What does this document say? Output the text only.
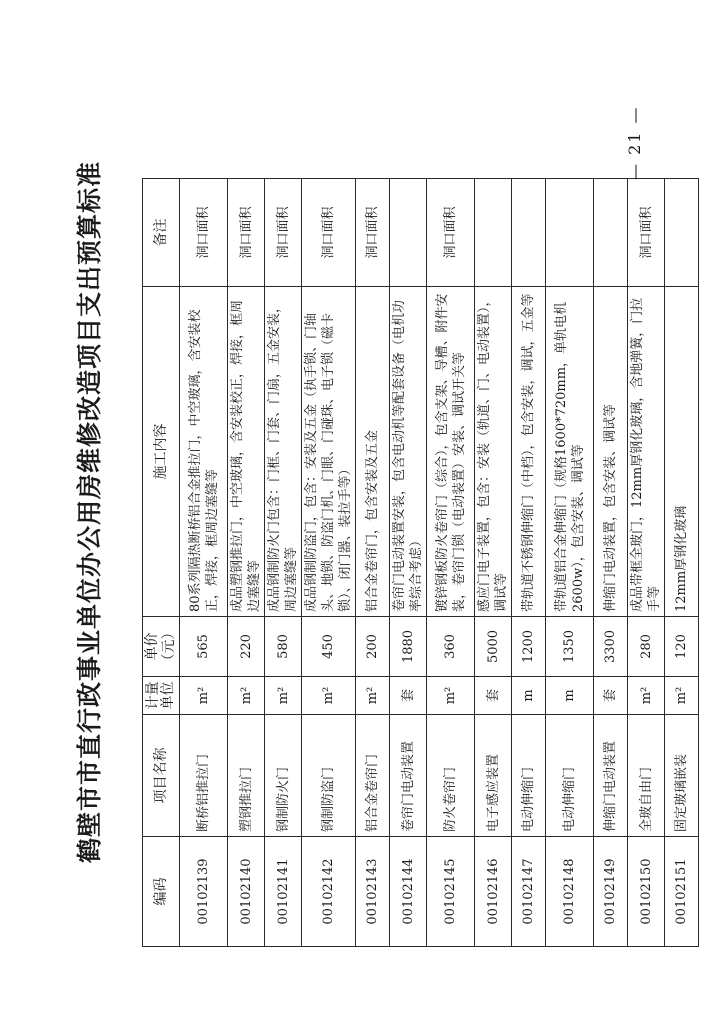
鹤壁市市直行政事业单位办公用房维修改造项目支出预算标准
编码	项目名称	计量单位	单价（元）	施工内容	备注
00102139	断桥铝推拉门	m²	565	80系列隔热断桥铝合金推拉门，中空玻璃，含安装校正，焊接，框周边塞缝等	洞口面积
00102140	塑钢推拉门	m²	220	成品塑钢推拉门，中空玻璃，含安装校正，焊接，框周边塞缝等	洞口面积
00102141	钢制防火门	m²	580	成品钢制防火门包含：门框、门套、门扇，五金安装，周边塞缝等	洞口面积
00102142	钢制防盗门	m²	450	成品钢制防盗门，包含：安装及五金（执手锁、门轴头、地锁、防盗门机、门眼、门碰珠、电子锁（磁卡锁）、闭门器、装拉手等）	洞口面积
00102143	铝合金卷帘门	m²	200	铝合金卷帘门，包含安装及五金	洞口面积
00102144	卷帘门电动装置	套	1880	卷帘门电动装置安装，包含电动机等配套设备（电机功率综合考虑）	
00102145	防火卷帘门	m²	360	镀锌钢板防火卷帘门（综合），包含支架、导槽、附件安装，卷帘门锁（电动装置）安装、调试开关等	洞口面积
00102146	电子感应装置	套	5000	感应门电子装置，包含：安装（轨道、门、电动装置），调试等	
00102147	电动伸缩门	m	1200	带轨道不锈钢伸缩门（中档），包含安装，调试，五金等	
00102148	电动伸缩门	m	1350	带轨道铝合金伸缩门（规格1600*720mm，单轨电机2600w），包含安装、调试等	
00102149	伸缩门电动装置	套	3300	伸缩门电动装置，包含安装、调试等	
00102150	全玻自由门	m²	280	成品带框全玻门，12mm厚钢化玻璃，含地弹簧，门拉手等	洞口面积
00102151	固定玻璃嵌装	m²	120	12mm厚钢化玻璃	
— 21 —
